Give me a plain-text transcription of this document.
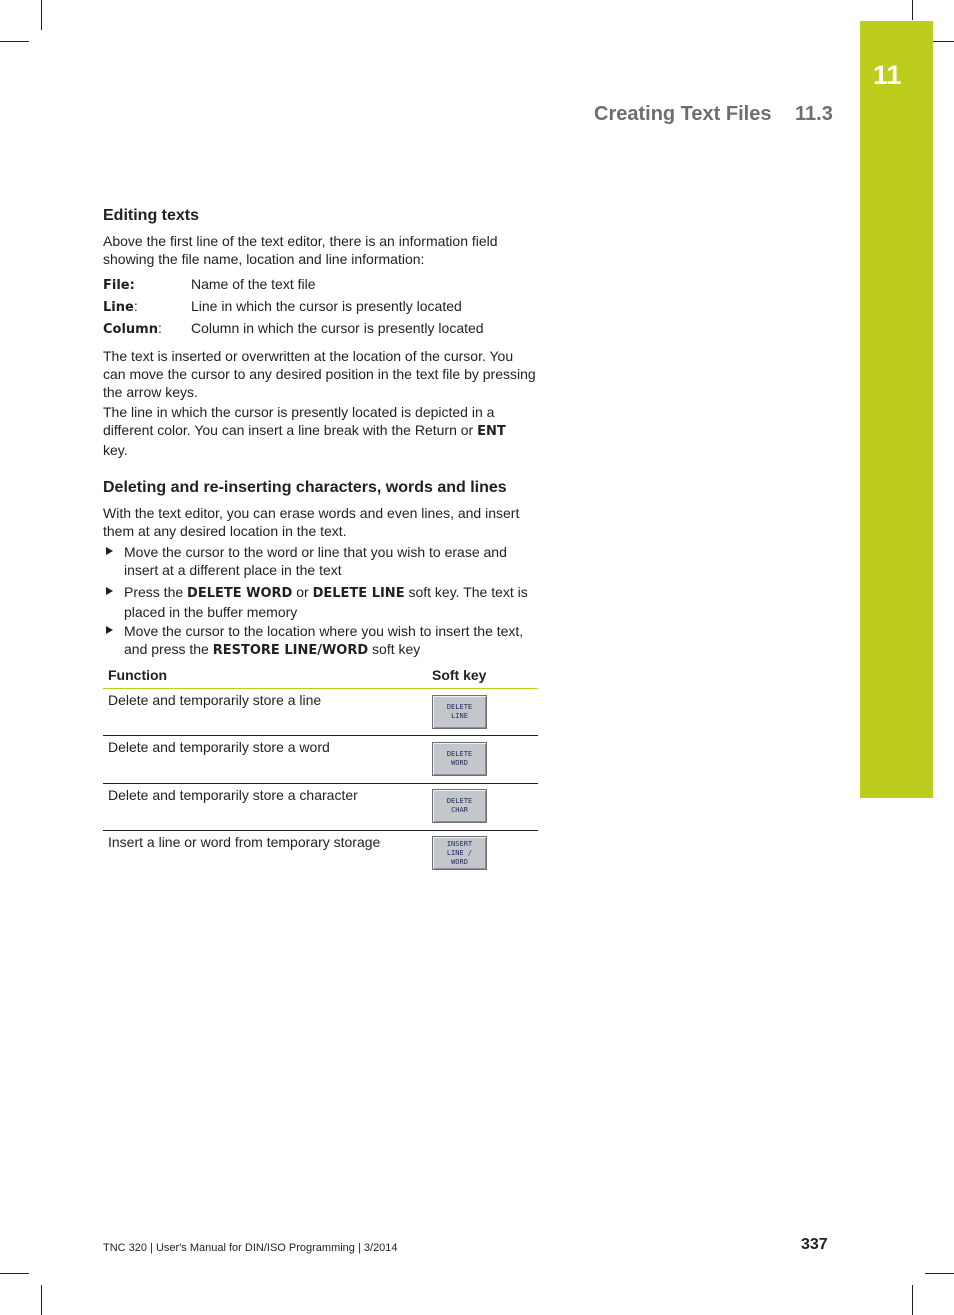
11
Creating Text Files 11.3
Editing texts

Above the first line of the text editor, there is an information field showing the file name, location and line information:

File:	Name of the text file
Line:	Line in which the cursor is presently located
Column: Column in which the cursor is presently located

The text is inserted or overwritten at the location of the cursor. You can move the cursor to any desired position in the text file by pressing the arrow keys.

The line in which the cursor is presently located is depicted in a different color. You can insert a line break with the Return or ENT key.

Deleting and re-inserting characters, words and lines

With the text editor, you can erase words and even lines, and insert them at any desired location in the text.

Move the cursor to the word or line that you wish to erase and insert at a different place in the text
Press the DELETE WORD or DELETE LINE soft key. The text is placed in the buffer memory
Move the cursor to the location where you wish to insert the text, and press the RESTORE LINE/WORD soft key
Function	Soft key
Delete and temporarily store a line	DELETE
LINE
Delete and temporarily store a word	DELETE
WORD
Delete and temporarily store a character	DELETE
CHAR
Insert a line or word from temporary storage	INSERT
LINE /
WORD
TNC 320 | User's Manual for DIN/ISO Programming | 3/2014	337
